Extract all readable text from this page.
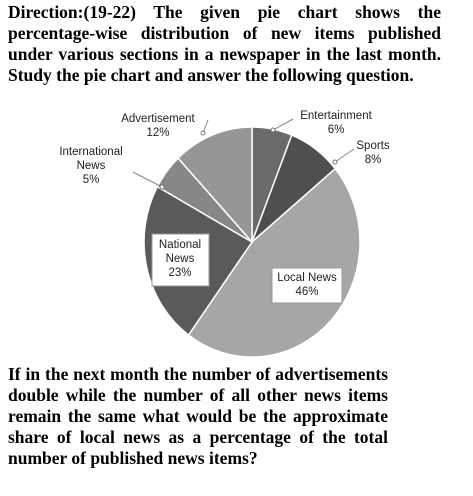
Direction:(19-22) The given pie chart shows the percentage-wise distribution of new items published under various sections in a newspaper in the last month. Study the pie chart and answer the following question.
Entertainment
6%
Sports
8%
Local News
46%
National
News
23%
International
News
5%
Advertisement
12%
If in the next month the number of advertisements double while the number of all other news items remain the same what would be the approximate share of local news as a percentage of the total number of published news items?
